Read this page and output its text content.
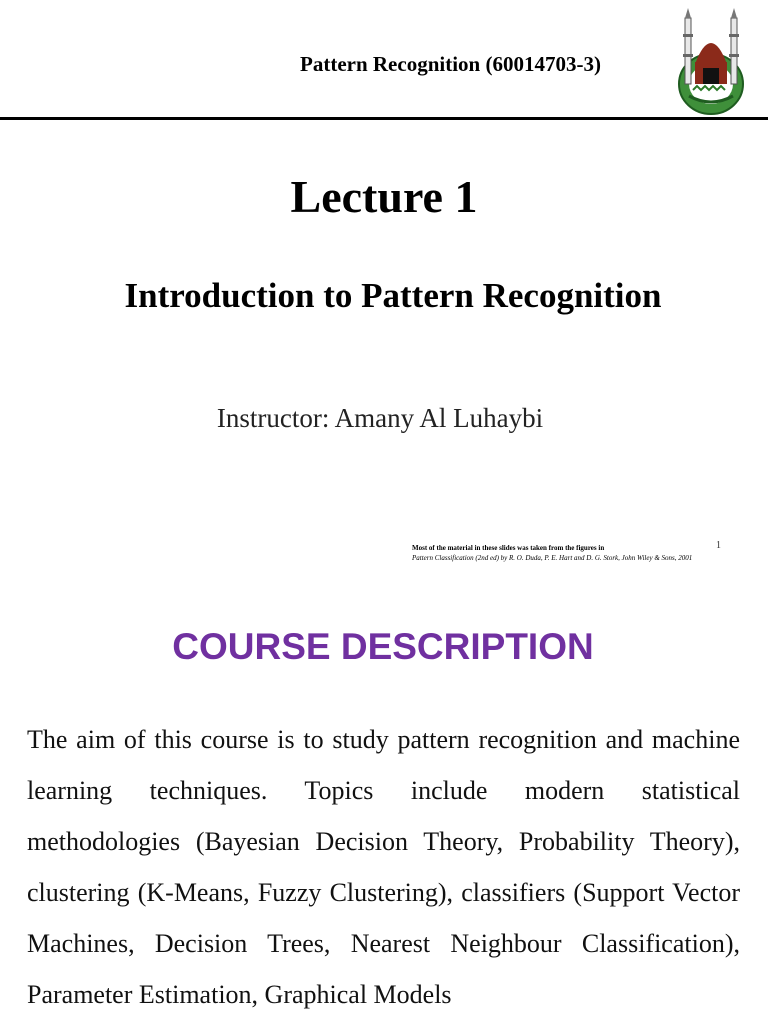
Pattern Recognition (60014703-3)
Lecture 1
Introduction to Pattern Recognition
Instructor: Amany Al Luhaybi
Most of the material in these slides was taken from the figures in
Pattern Classification (2nd ed) by R. O. Duda, P. E. Hart and D. G. Stork, John Wiley & Sons, 2001
1
COURSE DESCRIPTION

The aim of this course is to study pattern recognition and machine learning techniques. Topics include modern statistical methodologies (Bayesian Decision Theory, Probability Theory), clustering (K-Means, Fuzzy Clustering), classifiers (Support Vector Machines, Decision Trees, Nearest Neighbour Classification), Parameter Estimation, Graphical Models
